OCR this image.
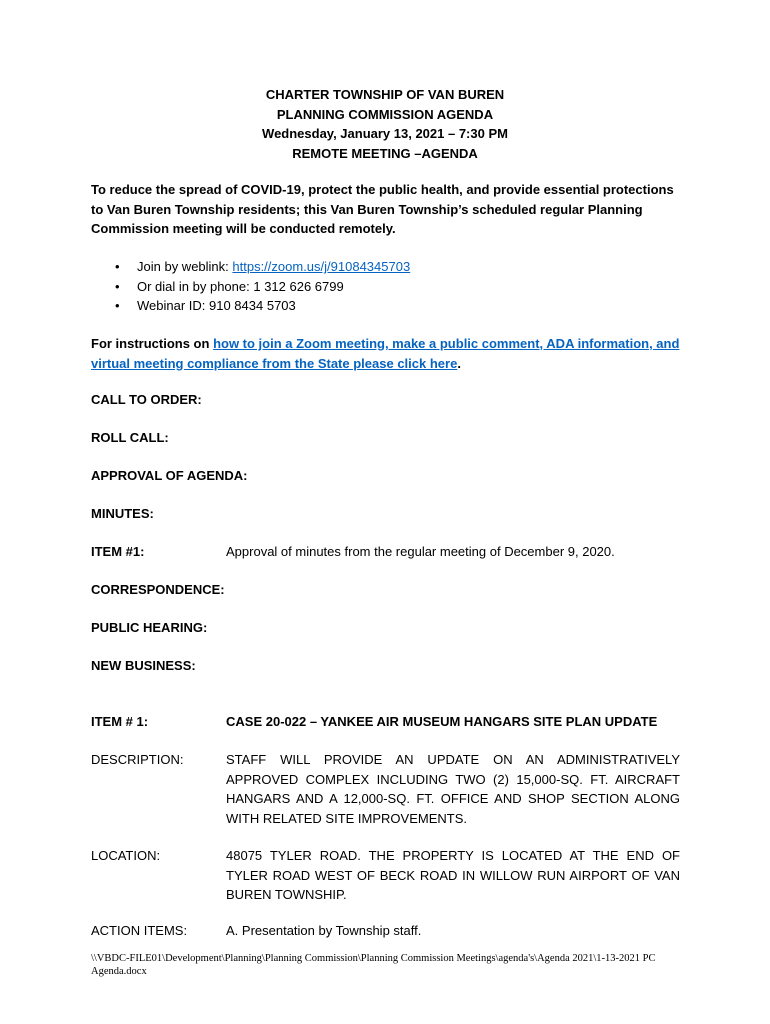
CHARTER TOWNSHIP OF VAN BUREN
PLANNING COMMISSION AGENDA
Wednesday, January 13, 2021 – 7:30 PM
REMOTE MEETING –AGENDA
To reduce the spread of COVID-19, protect the public health, and provide essential protections to Van Buren Township residents; this Van Buren Township’s scheduled regular Planning Commission meeting will be conducted remotely.
• Join by weblink: https://zoom.us/j/91084345703
• Or dial in by phone: 1 312 626 6799
• Webinar ID: 910 8434 5703
For instructions on how to join a Zoom meeting, make a public comment, ADA information, and virtual meeting compliance from the State please click here.
CALL TO ORDER:
ROLL CALL:
APPROVAL OF AGENDA:
MINUTES:
ITEM #1:	Approval of minutes from the regular meeting of December 9, 2020.
CORRESPONDENCE:
PUBLIC HEARING:
NEW BUSINESS:
ITEM # 1:	CASE 20-022 – YANKEE AIR MUSEUM HANGARS SITE PLAN UPDATE
DESCRIPTION:	STAFF WILL PROVIDE AN UPDATE ON AN ADMINISTRATIVELY APPROVED COMPLEX INCLUDING TWO (2) 15,000-SQ. FT. AIRCRAFT HANGARS AND A 12,000-SQ. FT. OFFICE AND SHOP SECTION ALONG WITH RELATED SITE IMPROVEMENTS.
LOCATION:	48075 TYLER ROAD. THE PROPERTY IS LOCATED AT THE END OF TYLER ROAD WEST OF BECK ROAD IN WILLOW RUN AIRPORT OF VAN BUREN TOWNSHIP.
ACTION ITEMS:	A. Presentation by Township staff.
\\VBDC-FILE01\Development\Planning\Planning Commission\Planning Commission Meetings\agenda's\Agenda 2021\1-13-2021 PC Agenda.docx
